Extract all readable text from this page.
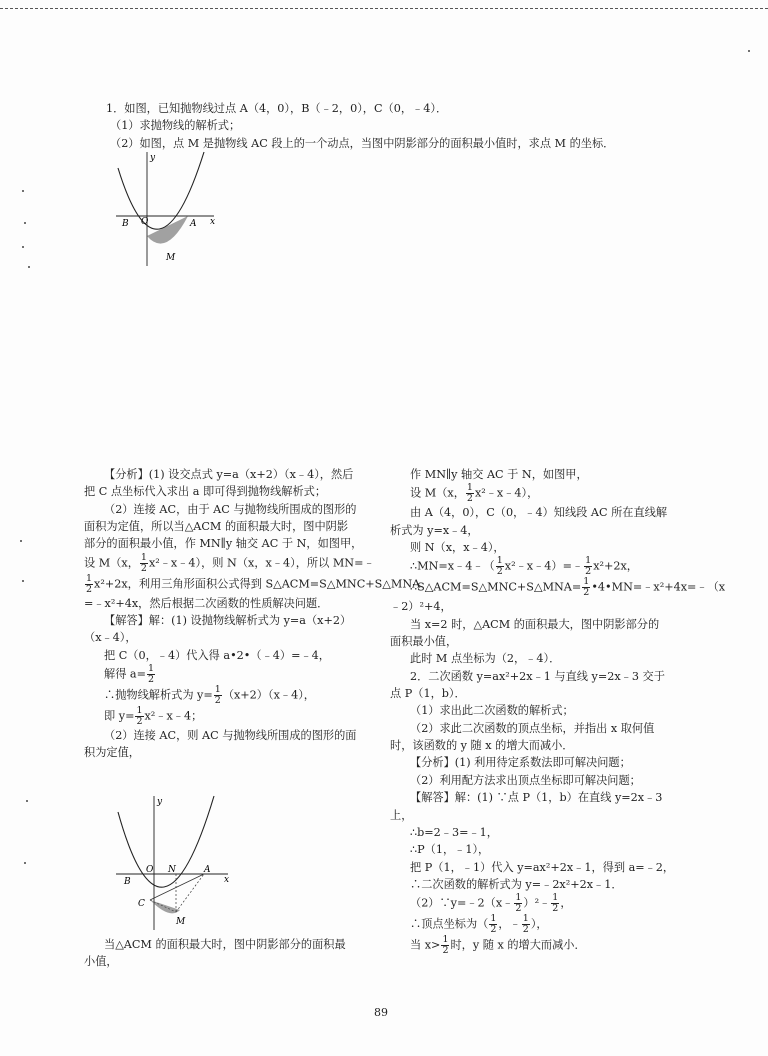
1．如图，已知抛物线过点 A（4，0），B（﹣2，0），C（0，﹣4）．

（1）求抛物线的解析式；

（2）如图，点 M 是抛物线 AC 段上的一个动点，当图中阴影部分的面积最小值时，求点 M 的坐标．

y
x
O	A
B
M

【分析】(1) 设交点式 y=a（x+2）（x﹣4），然后

把 C 点坐标代入求出 a 即可得到抛物线解析式；

（2）连接 AC，由于 AC 与抛物线所围成的图形的

面积为定值，所以当△ACM 的面积最大时，图中阴影

部分的面积最小值，作 MN∥y 轴交 AC 于 N，如图甲，

设 M（x， $\frac{1}{2}$ x²﹣x﹣4），则 N（x，x﹣4），所以 MN=﹣

$\frac{1}{2} x^2+2x$，利用三角形面积公式得到 S△ACM=S△MNC+S△MNA

=﹣x²+4x，然后根据二次函数的性质解决问题．

【解答】解：(1) 设抛物线解析式为 y=a（x+2）

（x﹣4），

把 C（0，﹣4）代入得 a•2•（﹣4）=﹣4，

解得 $a= \frac{1}{2}$

∴抛物线解析式为 $y= \frac{1}{2}$ （x+2）（x﹣4），

即 $y= \frac{1}{2}$ x²﹣x﹣4；

（2）连接 AC，则 AC 与抛物线所围成的图形的面

积为定值，

y
x
O	A
B
C
N
M

当△ACM 的面积最大时，图中阴影部分的面积最

小值，

作 MN∥y 轴交 AC 于 N，如图甲，

设 M（x， $\frac{1}{2}$ x²﹣x﹣4），

由 A（4，0），C（0，﹣4）知线段 AC 所在直线解

析式为 y=x﹣4，

则 N（x，x﹣4），

∴MN=x﹣4﹣（ $\frac{1}{2}$ x²﹣x﹣4）=﹣ $\frac{1}{2} x^2+2x$，

∴S△ACM=S△MNC+S△MNA= $\frac{1}{2}$ •4•MN=﹣x²+4x=﹣（x

﹣2）²+4，

当 x=2 时，△ACM 的面积最大，图中阴影部分的

面积最小值，

此时 M 点坐标为（2，﹣4）．

2．二次函数 y=ax²+2x﹣1 与直线 y=2x﹣3 交于

点 P（1，b）．

（1）求出此二次函数的解析式；

（2）求此二次函数的顶点坐标，并指出 x 取何值

时，该函数的 y 随 x 的增大而减小．

【分析】(1) 利用待定系数法即可解决问题；

（2）利用配方法求出顶点坐标即可解决问题；

【解答】解：(1) ∵点 P（1，b）在直线 y=2x﹣3

上，

∴b=2﹣3=﹣1，

∴P（1，﹣1），

把 P（1，﹣1）代入 y=ax²+2x﹣1，得到 a=﹣2，

∴二次函数的解析式为 y=﹣2x²+2x﹣1．

（2）∵y=﹣2（x﹣ $\frac{1}{2}$ ）²﹣ $\frac{1}{2}$ ，

∴顶点坐标为（ $\frac{1}{2}$ ，﹣ $\frac{1}{2}$ ），

当 $x> \frac{1}{2}$ 时，y 随 x 的增大而减小．

89
